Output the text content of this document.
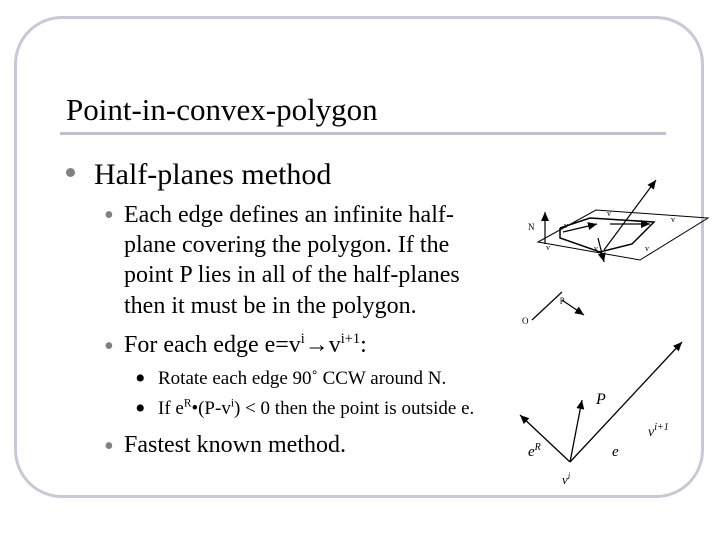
Point-in-convex-polygon
Half-planes method
• Each edge defines an infinite half-
plane covering the polygon. If the
point P lies in all of the half-planes
then it must be in the polygon.
• For each edge $e=v^i\to v^{i+1}$:
• Rotate each edge 90˚ CCW around N.
• If $e^R•(P-v^i) < 0$ then the point is outside e.
• Fastest known method.
N
O
p
v
v
v
v	v	v
P
e
$e^R$
$v^i$
$v^{i+1}$
